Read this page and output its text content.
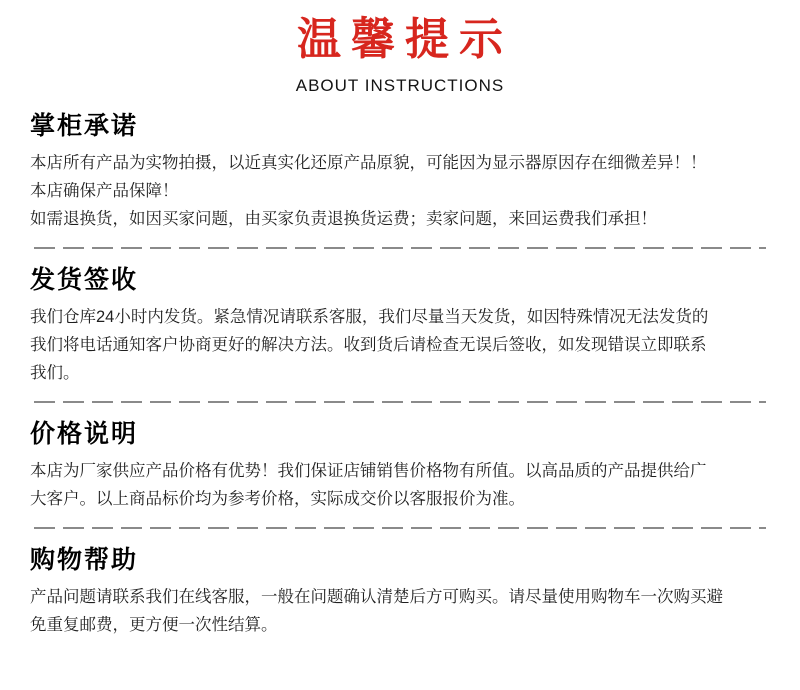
温馨提示
ABOUT INSTRUCTIONS
掌柜承诺
本店所有产品为实物拍摄，以近真实化还原产品原貌，可能因为显示器原因存在细微差异！！
本店确保产品保障！
如需退换货，如因买家问题，由买家负责退换货运费；卖家问题，来回运费我们承担！
发货签收
我们仓库24小时内发货。紧急情况请联系客服，我们尽量当天发货，如因特殊情况无法发货的
我们将电话通知客户协商更好的解决方法。收到货后请检查无误后签收，如发现错误立即联系
我们。
价格说明
本店为厂家供应产品价格有优势！我们保证店铺销售价格物有所值。以高品质的产品提供给广
大客户。以上商品标价均为参考价格，实际成交价以客服报价为准。
购物帮助
产品问题请联系我们在线客服，一般在问题确认清楚后方可购买。请尽量使用购物车一次购买避
免重复邮费，更方便一次性结算。
